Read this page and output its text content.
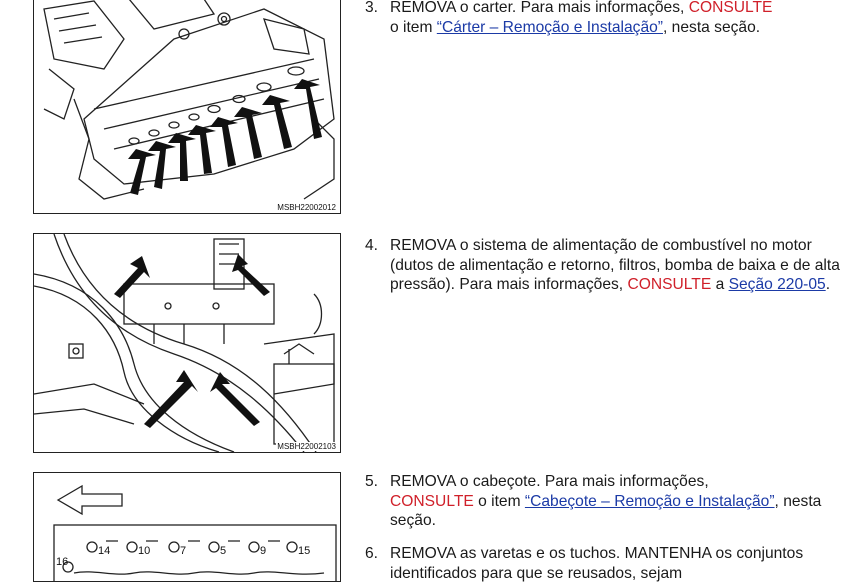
MSBH22002012
MSBH22002103
14	10	7	5	9	15
16

3. REMOVA o carter. Para mais informações, CONSULTE
o item “Cárter – Remoção e Instalação”, nesta seção.

4. REMOVA o sistema de alimentação de combustível no motor (dutos de alimentação e retorno, filtros, bomba de baixa e de alta pressão). Para mais informações, CONSULTE a Seção 220-05.

5. REMOVA o cabeçote. Para mais informações,
CONSULTE o item “Cabeçote – Remoção e Instalação”, nesta seção.

6. REMOVA as varetas e os tuchos. MANTENHA os conjuntos identificados para que se reusados, sejam
